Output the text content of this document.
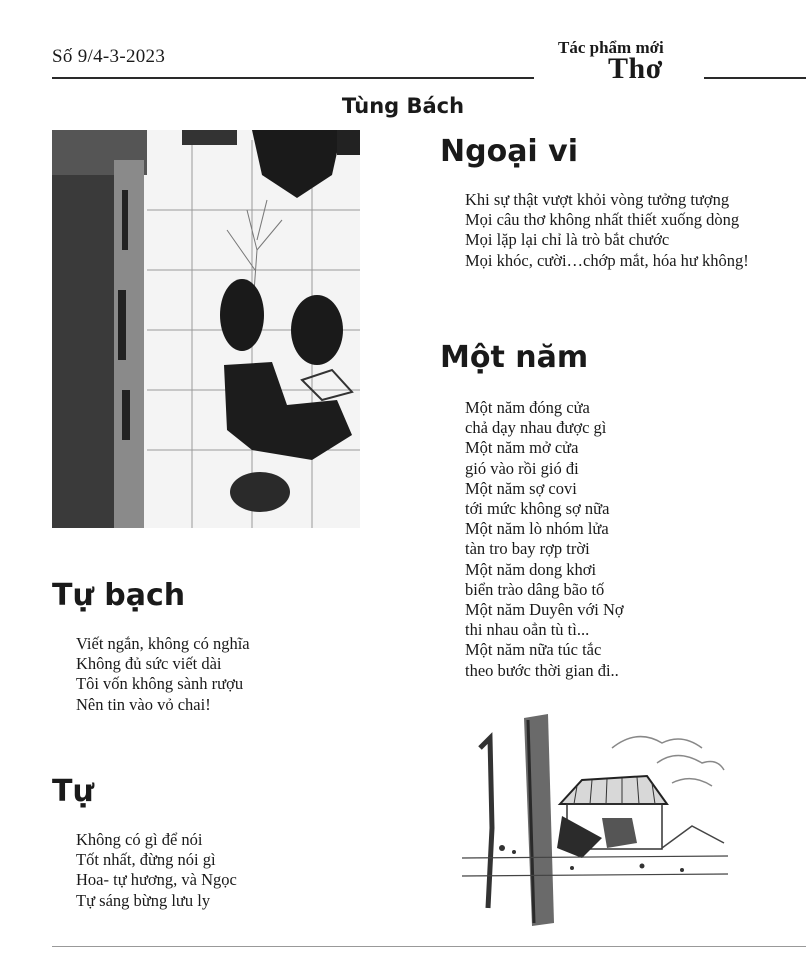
Số 9/4-3-2023	Tác phẩm mới
Thơ
Tùng Bách
Ngoại vi
Khi sự thật vượt khỏi vòng tưởng tượng
Mọi câu thơ không nhất thiết xuống dòng
Mọi lặp lại chỉ là trò bắt chước
Mọi khóc, cười…chớp mắt, hóa hư không!
Một năm
Một năm đóng cửa
chả dạy nhau được gì
Một năm mở cửa
gió vào rồi gió đi
Một năm sợ covi
tới mức không sợ nữa
Một năm lò nhóm lửa
tàn tro bay rợp trời
Một năm dong khơi
biển trào dâng bão tố
Một năm Duyên với Nợ
thi nhau oẳn tù tì...
Một năm nữa túc tắc
theo bước thời gian đi..
Tự bạch
Viết ngắn, không có nghĩa
Không đủ sức viết dài
Tôi vốn không sành rượu
Nên tin vào vỏ chai!
Tự
Không có gì để nói
Tốt nhất, đừng nói gì
Hoa- tự hương, và Ngọc
Tự sáng bừng lưu ly
